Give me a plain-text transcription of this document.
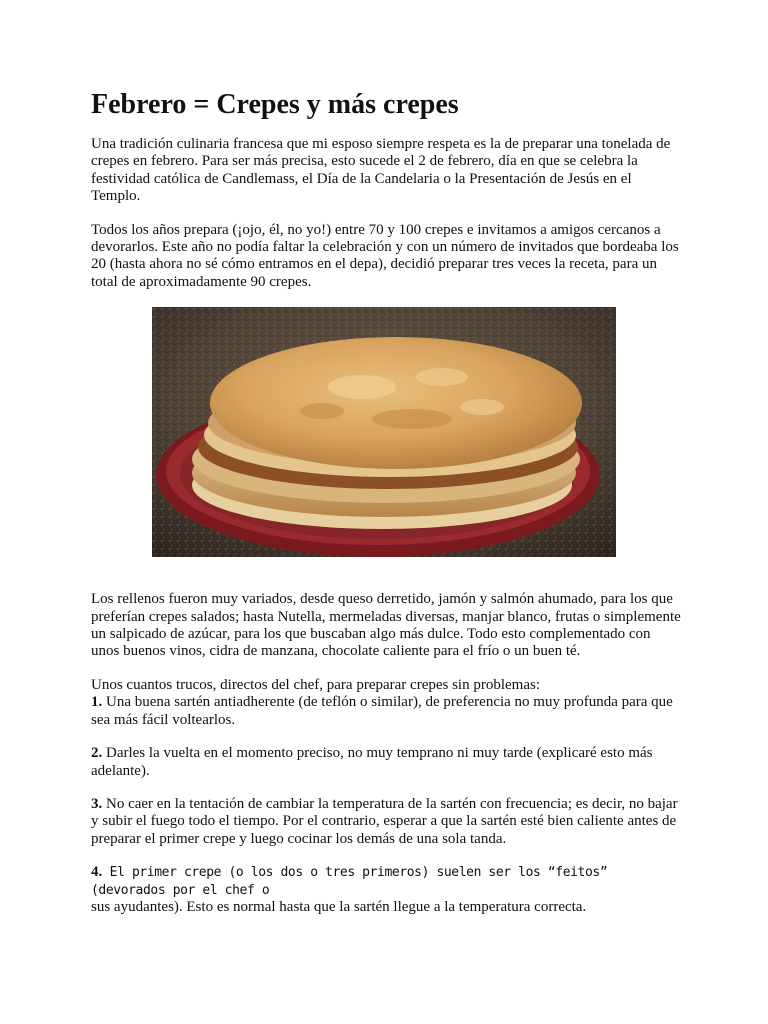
Febrero = Crepes y más crepes

Una tradición culinaria francesa que mi esposo siempre respeta es la de preparar una tonelada de crepes en febrero. Para ser más precisa, esto sucede el 2 de febrero, día en que se celebra la festividad católica de Candlemass, el Día de la Candelaria o la Presentación de Jesús en el Templo.

Todos los años prepara (¡ojo, él, no yo!) entre 70 y 100 crepes e invitamos a amigos cercanos a devorarlos. Este año no podía faltar la celebración y con un número de invitados que bordeaba los 20 (hasta ahora no sé cómo entramos en el depa), decidió preparar tres veces la receta, para un total de aproximadamente 90 crepes.

Los rellenos fueron muy variados, desde queso derretido, jamón y salmón ahumado, para los que preferían crepes salados; hasta Nutella, mermeladas diversas, manjar blanco, frutas o simplemente un salpicado de azúcar, para los que buscaban algo más dulce. Todo esto complementado con unos buenos vinos, cidra de manzana, chocolate caliente para el frío o un buen té.

Unos cuantos trucos, directos del chef, para preparar crepes sin problemas:
1. Una buena sartén antiadherente (de teflón o similar), de preferencia no muy profunda para que sea más fácil voltearlos.
2. Darles la vuelta en el momento preciso, no muy temprano ni muy tarde (explicaré esto más adelante).
3. No caer en la tentación de cambiar la temperatura de la sartén con frecuencia; es decir, no bajar y subir el fuego todo el tiempo. Por el contrario, esperar a que la sartén esté bien caliente antes de preparar el primer crepe y luego cocinar los demás de una sola tanda.
4. El primer crepe (o los dos o tres primeros) suelen ser los “feitos” (devorados por el chef o
sus ayudantes). Esto es normal hasta que la sartén llegue a la temperatura correcta.
